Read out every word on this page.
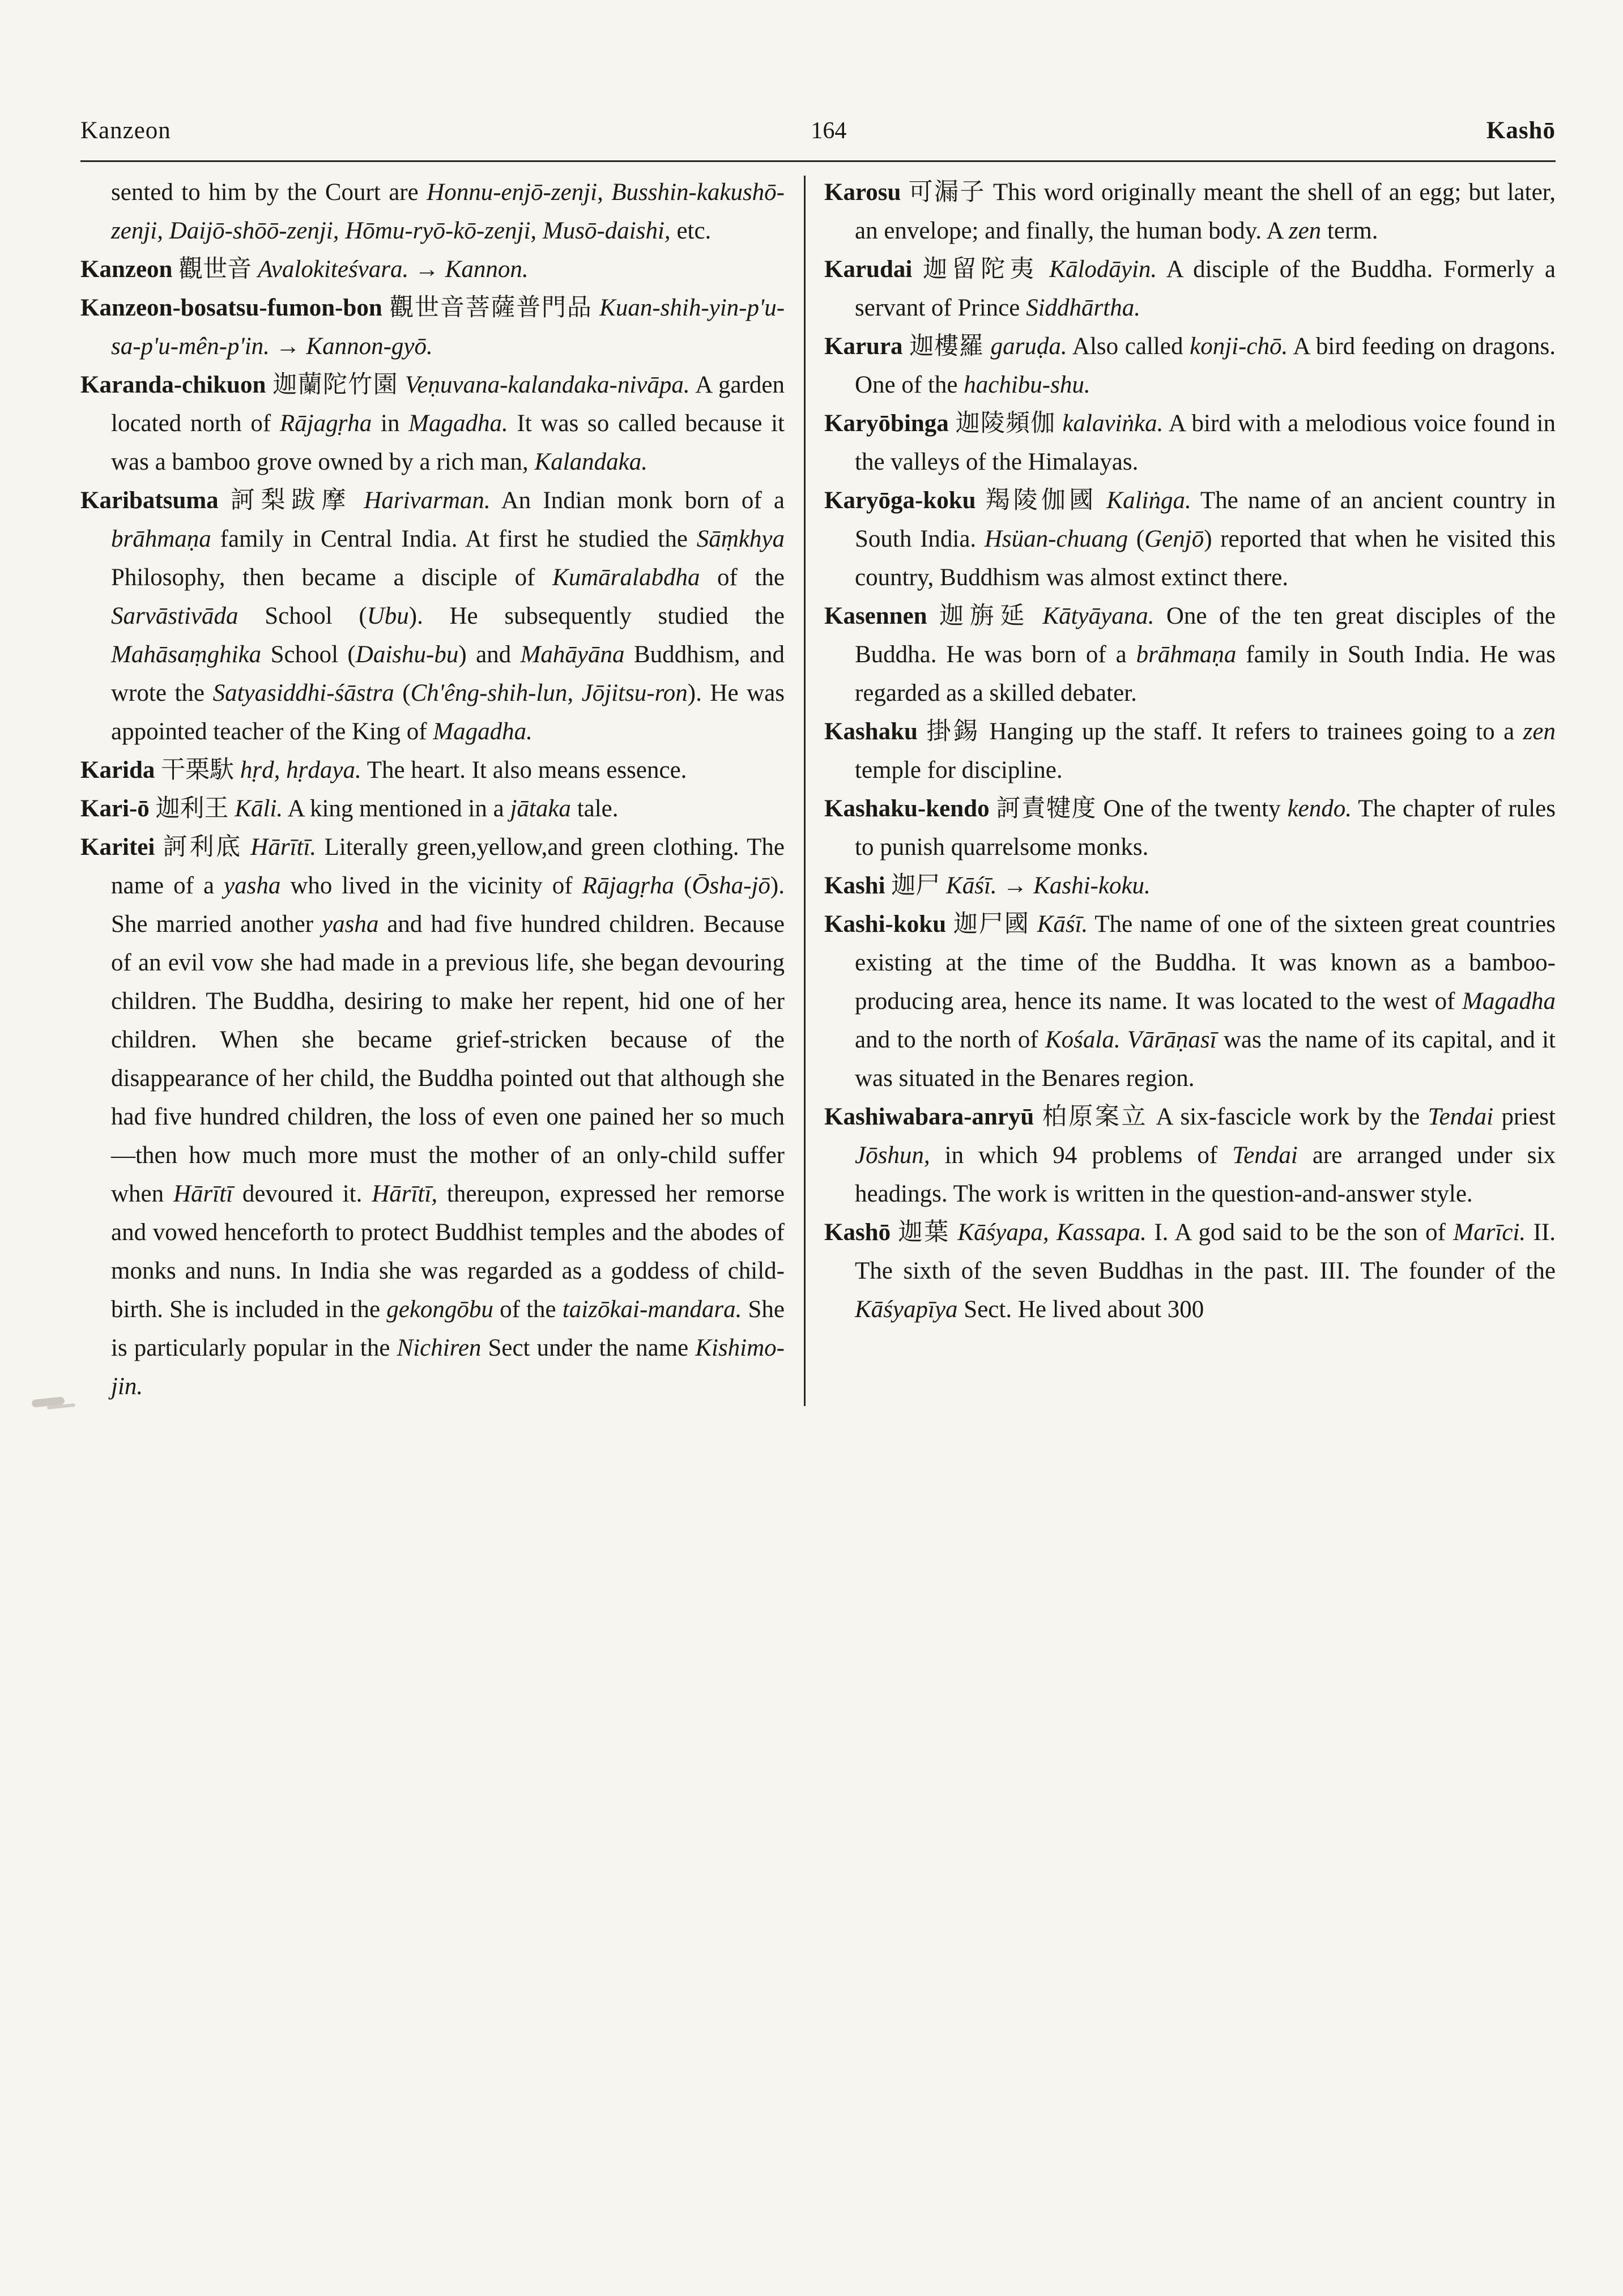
Kanzeon	164	Kashō

sented to him by the Court are Honnu-enjō-zenji, Busshin-kakushō-zenji, Daijō-shōō-zenji, Hōmu-ryō-kō-zenji, Musō-daishi, etc.

Kanzeon 觀世音 Avalokiteśvara. → Kannon.

Kanzeon-bosatsu-fumon-bon 觀世音菩薩普門品 Kuan-shih-yin-p'u-sa-p'u-mên-p'in. → Kannon-gyō.

Karanda-chikuon 迦蘭陀竹園 Veṇuvana-kalandaka-nivāpa. A garden located north of Rājagṛha in Magadha. It was so called because it was a bamboo grove owned by a rich man, Kalandaka.

Karibatsuma 訶梨跋摩 Harivarman. An Indian monk born of a brāhmaṇa family in Central India. At first he studied the Sāṃkhya Philosophy, then became a disciple of Kumāralabdha of the Sarvāstivāda School (Ubu). He subsequently studied the Mahāsaṃghika School (Daishu-bu) and Mahāyāna Buddhism, and wrote the Satyasiddhi-śāstra (Ch'êng-shih-lun, Jōjitsu-ron). He was appointed teacher of the King of Magadha.

Karida 干栗馱 hṛd, hṛdaya. The heart. It also means essence.

Kari-ō 迦利王 Kāli. A king mentioned in a jātaka tale.

Karitei 訶利底 Hārītī. Literally green,yellow,and green clothing. The name of a yasha who lived in the vicinity of Rājagṛha (Ōsha-jō). She married another yasha and had five hundred children. Because of an evil vow she had made in a previous life, she began devouring children. The Buddha, desiring to make her repent, hid one of her children. When she became grief-stricken because of the disappearance of her child, the Buddha pointed out that although she had five hundred children, the loss of even one pained her so much—then how much more must the mother of an only-child suffer when Hārītī devoured it. Hārītī, thereupon, expressed her remorse and vowed henceforth to protect Buddhist temples and the abodes of monks and nuns. In India she was regarded as a goddess of child-birth. She is included in the gekongōbu of the taizōkai-mandara. She is particularly popular in the Nichiren Sect under the name Kishimo-jin.

Karosu 可漏子 This word originally meant the shell of an egg; but later, an envelope; and finally, the human body. A zen term.

Karudai 迦留陀夷 Kālodāyin. A disciple of the Buddha. Formerly a servant of Prince Siddhārtha.

Karura 迦樓羅 garuḍa. Also called konji-chō. A bird feeding on dragons. One of the hachibu-shu.

Karyōbinga 迦陵頻伽 kalaviṅka. A bird with a melodious voice found in the valleys of the Himalayas.

Karyōga-koku 羯陵伽國 Kaliṅga. The name of an ancient country in South India. Hsüan-chuang (Genjō) reported that when he visited this country, Buddhism was almost extinct there.

Kasennen 迦旃延 Kātyāyana. One of the ten great disciples of the Buddha. He was born of a brāhmaṇa family in South India. He was regarded as a skilled debater.

Kashaku 掛錫 Hanging up the staff. It refers to trainees going to a zen temple for discipline.

Kashaku-kendo 訶責犍度 One of the twenty kendo. The chapter of rules to punish quarrelsome monks.

Kashi 迦尸 Kāśī. → Kashi-koku.

Kashi-koku 迦尸國 Kāśī. The name of one of the sixteen great countries existing at the time of the Buddha. It was known as a bamboo-producing area, hence its name. It was located to the west of Magadha and to the north of Kośala. Vārāṇasī was the name of its capital, and it was situated in the Benares region.

Kashiwabara-anryū 柏原案立 A six-fascicle work by the Tendai priest Jōshun, in which 94 problems of Tendai are arranged under six headings. The work is written in the question-and-answer style.

Kashō 迦葉 Kāśyapa, Kassapa. I. A god said to be the son of Marīci. II. The sixth of the seven Buddhas in the past. III. The founder of the Kāśyapīya Sect. He lived about 300
